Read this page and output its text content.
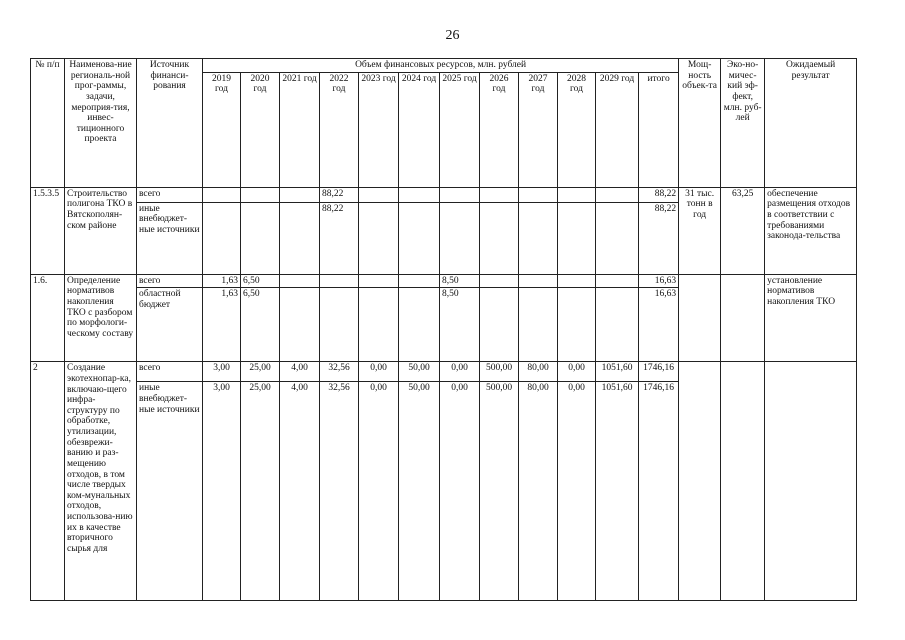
26
№ п/п	Наименова-ние региональ-ной прог-раммы, задачи, мероприя-тия, инвес-тиционного проекта	Источник финанси-рования	Объем финансовых ресурсов, млн. рублей												Мощ-ность объек-та	Эко-но-мичес-кий эф-фект, млн. руб-лей	Ожидаемый результат
			2019 год	2020 год	2021 год	2022 год	2023 год	2024 год	2025 год	2026 год	2027 год	2028 год	2029 год	итого			
1.5.3.5	Строительство полигона ТКО в Вятскополян-ском районе	всего				88,22								88,22	31 тыс. тонн в год	63,25	обеспечение размещения отходов в соответствии с требованиями законода-тельства
		иные внебюджет-ные источники				88,22								88,22			
1.6.	Определение нормативов накопления ТКО с разбором по морфологи-ческому составу	всего	1,63	6,50					8,50					16,63			установление нормативов накопления ТКО
		областной бюджет	1,63	6,50					8,50					16,63			
2	Создание экотехнопар-ка, включаю-щего инфра-структуру по обработке, утилизации, обезврежи-ванию и раз-мещению отходов, в том числе твердых ком-мунальных отходов, использова-нию их в качестве вторичного сырья для	всего	3,00	25,00	4,00	32,56	0,00	50,00	0,00	500,00	80,00	0,00	1051,60	1746,16			
		иные внебюджет-ные источники	3,00	25,00	4,00	32,56	0,00	50,00	0,00	500,00	80,00	0,00	1051,60	1746,16			
